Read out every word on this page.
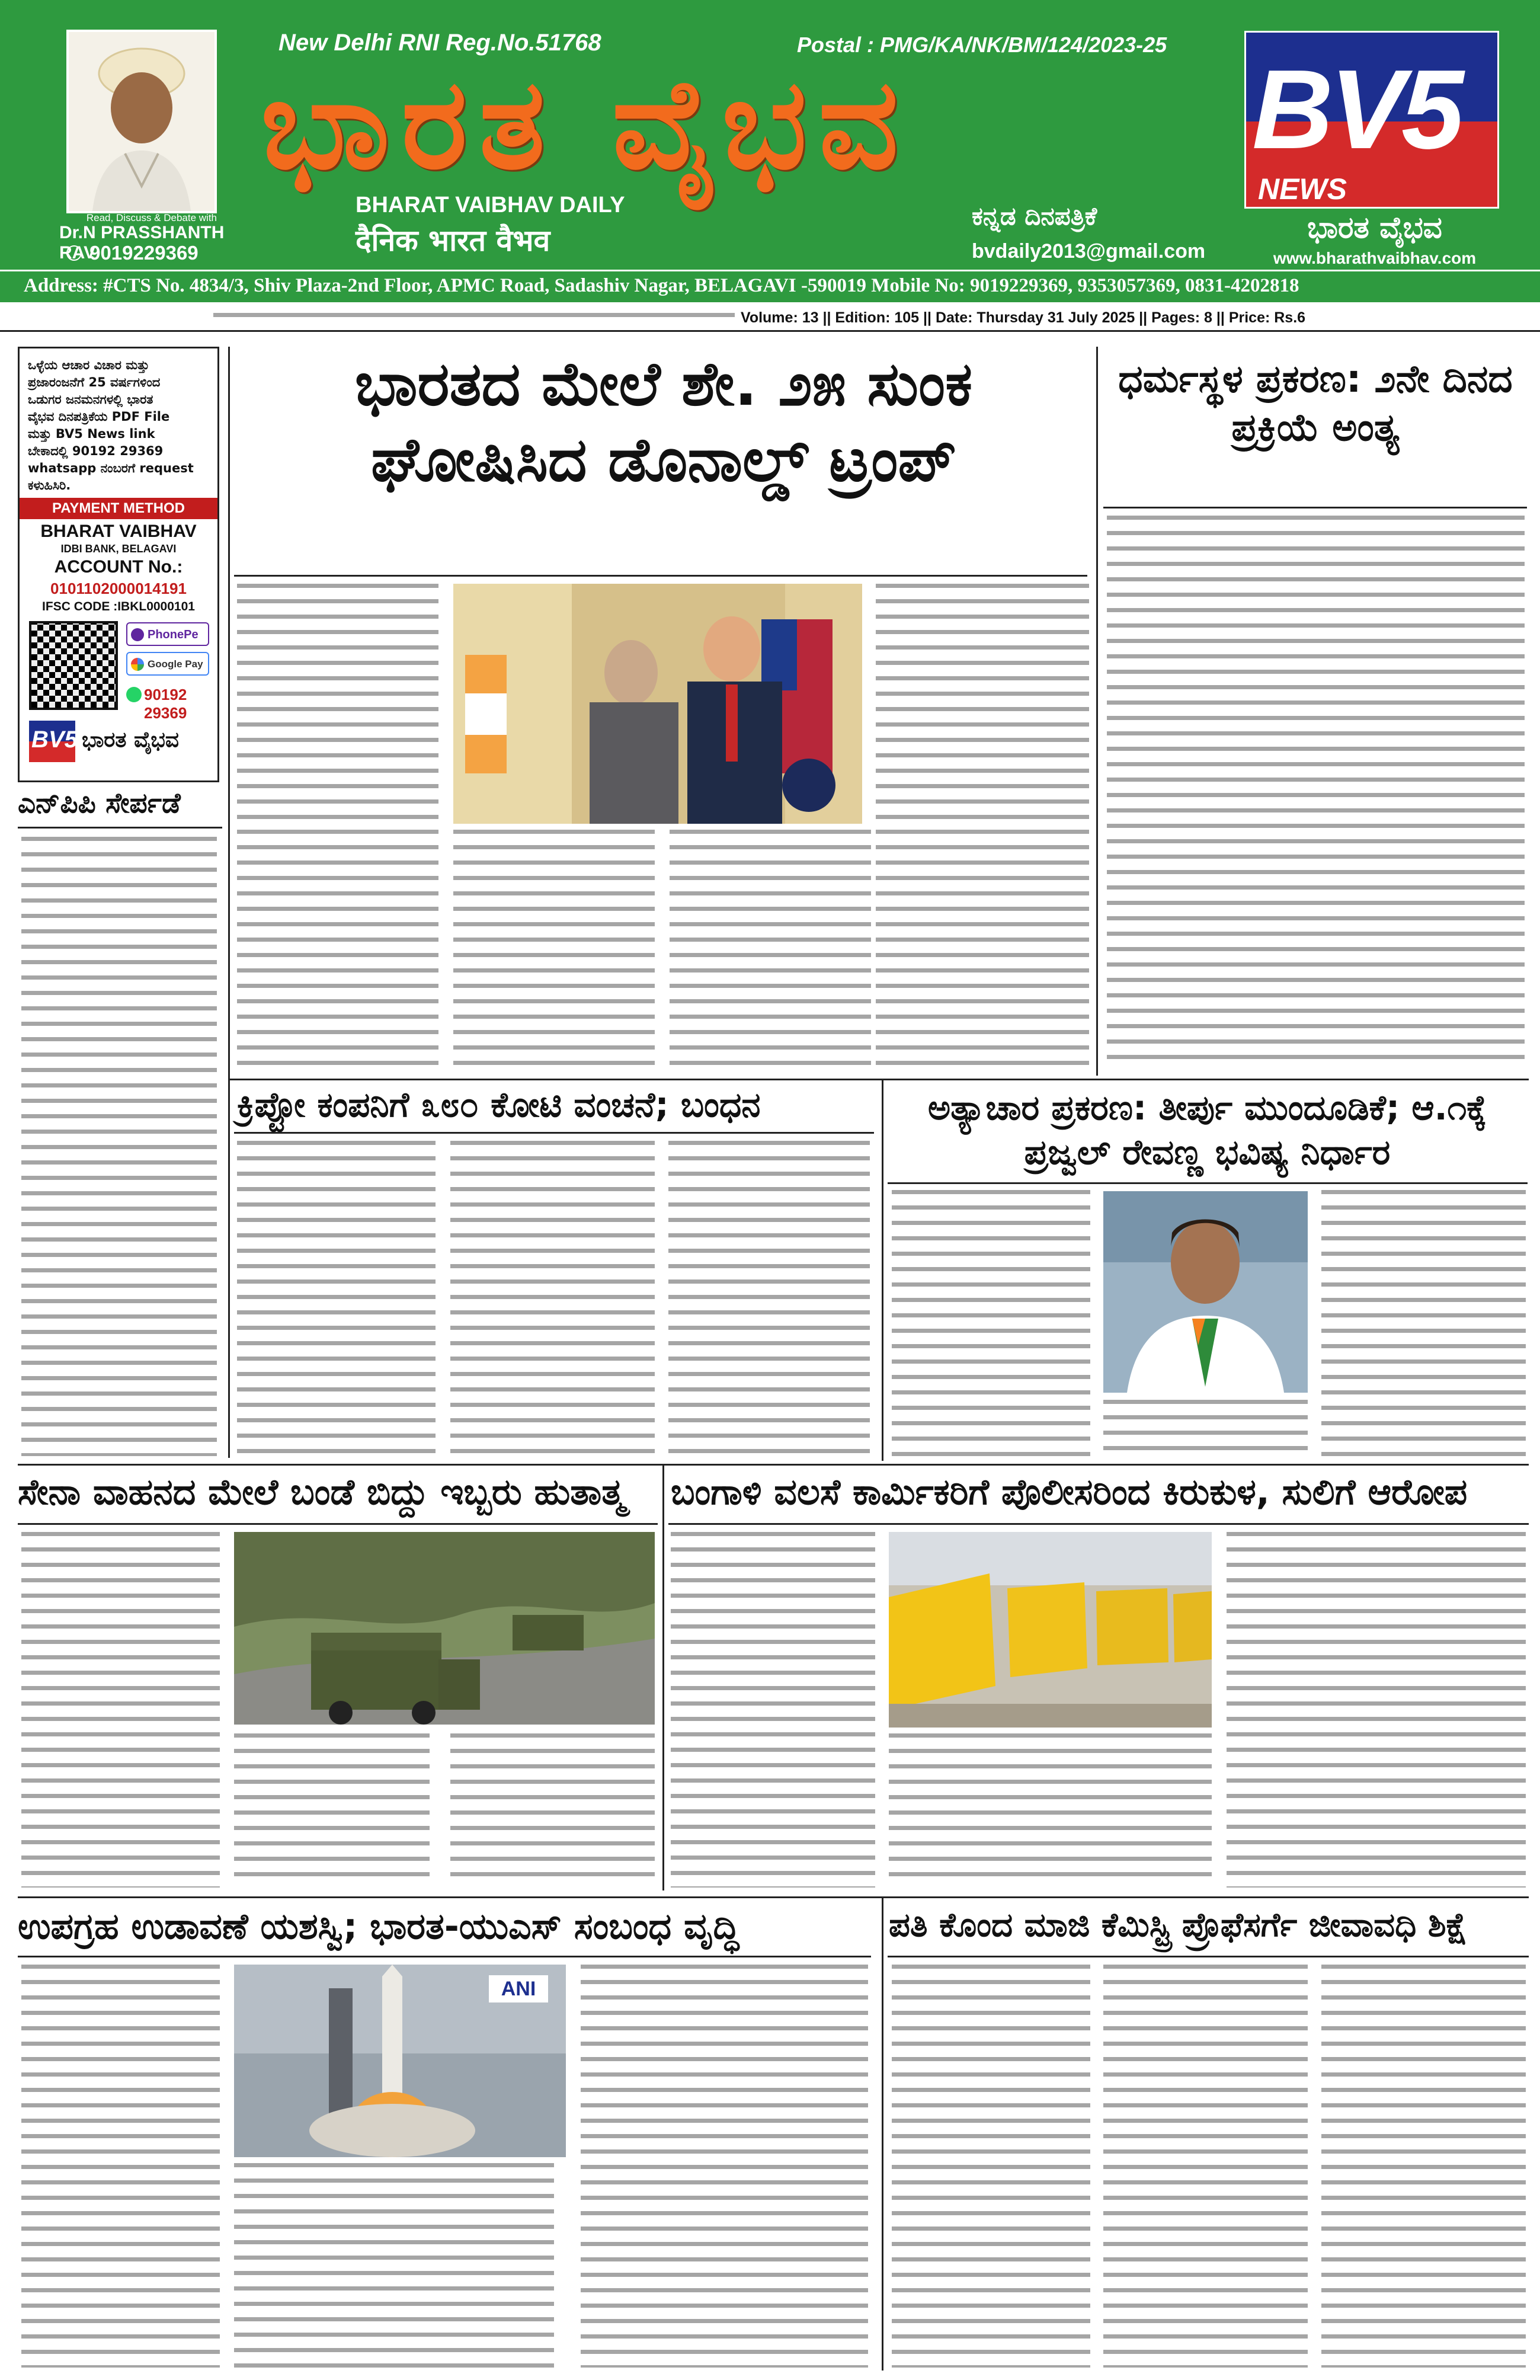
Read, Discuss & Debate with
Dr.N PRASSHANTH RAV
9019229369
New Delhi RNI Reg.No.51768	Postal : PMG/KA/NK/BM/124/2023-25
ಭಾರತ ವೈಭವ
BHARAT VAIBHAV DAILY
दैनिक भारत वैभव
ಕನ್ನಡ ದಿನಪತ್ರಿಕೆ
bvdaily2013@gmail.com
BV5
NEWS
ಭಾರತ ವೈಭವ
www.bharathvaibhav.com
Address: #CTS No. 4834/3, Shiv Plaza-2nd Floor, APMC Road, Sadashiv Nagar, BELAGAVI -590019 Mobile No: 9019229369, 9353057369, 0831-4202818
Volume: 13 || Edition: 105 || Date: Thursday 31 July 2025 || Pages: 8 || Price: Rs.6
ಒಳ್ಳೆಯ ಆಚಾರ ವಿಚಾರ ಮತ್ತು
ಪ್ರಜಾರಂಜನೆಗೆ 25 ವರ್ಷಗಳಿಂದ
ಒಡುಗರ ಜನಮನಗಳಲ್ಲಿ ಭಾರತ
ವೈಭವ ದಿನಪತ್ರಿಕೆಯ PDF File
ಮತ್ತು BV5 News link
ಬೇಕಾದಲ್ಲಿ 90192 29369
whatsapp ನಂಬರಗೆ request
ಕಳುಹಿಸಿರಿ.
PAYMENT METHOD
BHARAT VAIBHAV
IDBI BANK, BELAGAVI
ACCOUNT No.:
0101102000014191
IFSC CODE :IBKL0000101
PhonePe
Google Pay
90192 29369
BV5 ಭಾರತ ವೈಭವ
ಎನ್‌ಪಿಪಿ ಸೇರ್ಪಡೆ
ಭಾರತದ ಮೇಲೆ ಶೇ. ೨೫ ಸುಂಕ ಘೋಷಿಸಿದ ಡೊನಾಲ್ಡ್ ಟ್ರಂಪ್
ಧರ್ಮಸ್ಥಳ ಪ್ರಕರಣ: ೨ನೇ ದಿನದ ಪ್ರಕ್ರಿಯೆ ಅಂತ್ಯ
ಕ್ರಿಪ್ಟೋ ಕಂಪನಿಗೆ ೩೮೦ ಕೋಟಿ ವಂಚನೆ; ಬಂಧನ	ಅತ್ಯಾಚಾರ ಪ್ರಕರಣ: ತೀರ್ಪು ಮುಂದೂಡಿಕೆ; ಆ.೧ಕ್ಕೆ ಪ್ರಜ್ವಲ್ ರೇವಣ್ಣ ಭವಿಷ್ಯ ನಿರ್ಧಾರ
ಸೇನಾ ವಾಹನದ ಮೇಲೆ ಬಂಡೆ ಬಿದ್ದು ಇಬ್ಬರು ಹುತಾತ್ಮ	ಬಂಗಾಳಿ ವಲಸೆ ಕಾರ್ಮಿಕರಿಗೆ ಪೊಲೀಸರಿಂದ ಕಿರುಕುಳ, ಸುಲಿಗೆ ಆರೋಪ
ಉಪಗ್ರಹ ಉಡಾವಣೆ ಯಶಸ್ವಿ; ಭಾರತ-ಯುಎಸ್ ಸಂಬಂಧ ವೃದ್ಧಿ
ANI
ಪತಿ ಕೊಂದ ಮಾಜಿ ಕೆಮಿಸ್ಟ್ರಿ ಪ್ರೊಫೆಸರ್ಗೆ ಜೀವಾವಧಿ ಶಿಕ್ಷೆ
